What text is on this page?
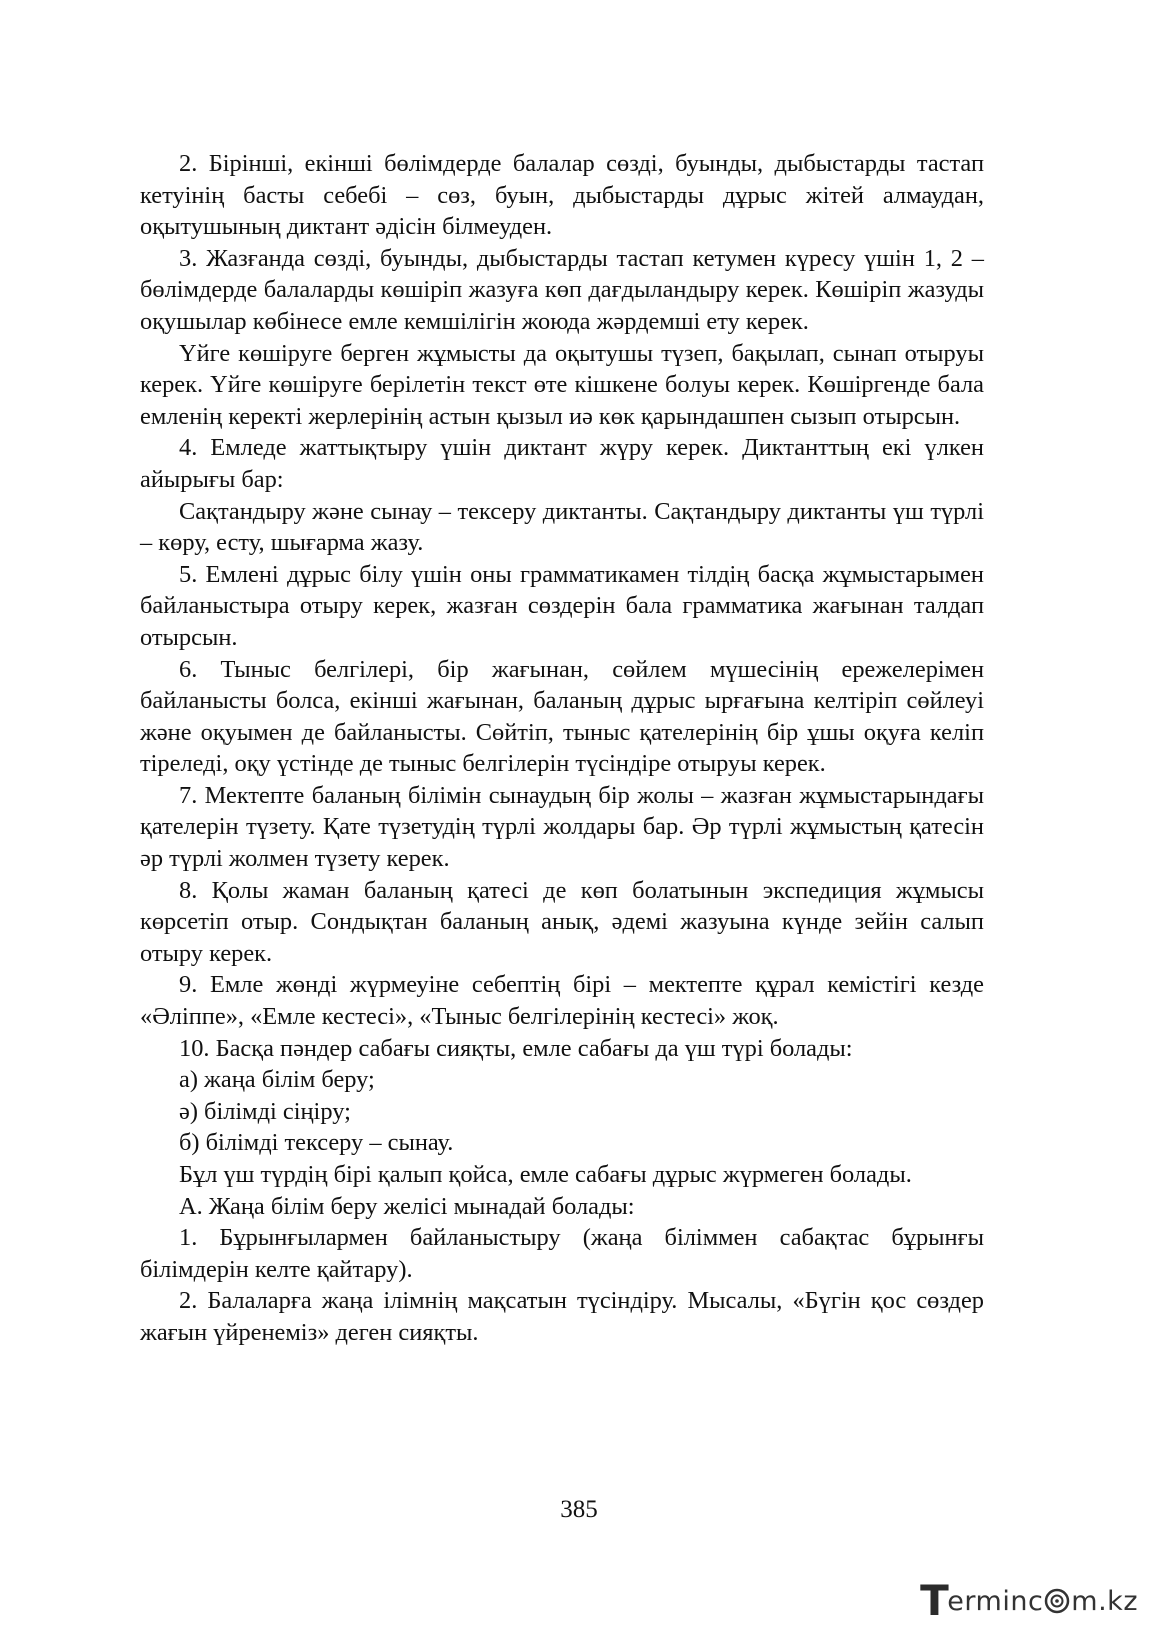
2. Бірінші, екінші бөлімдерде балалар сөзді, буынды, дыбыстарды тастап кетуінің басты себебі – сөз, буын, дыбыстарды дұрыс жітей алмаудан, оқытушының диктант әдісін білмеуден.

3. Жазғанда сөзді, буынды, дыбыстарды тастап кетумен күресу үшін 1, 2 – бөлімдерде балаларды көшіріп жазуға көп дағдыландыру керек. Көшіріп жазуды оқушылар көбінесе емле кемшілігін жоюда жәрдемші ету керек.

Үйге көшіруге берген жұмысты да оқытушы түзеп, бақылап, сынап отыруы керек. Үйге көшіруге берілетін текст өте кішкене болуы керек. Көшіргенде бала емленің керекті жерлерінің астын қызыл иә көк қарындашпен сызып отырсын.

4. Емледе жаттықтыру үшін диктант жүру керек. Диктанттың екі үлкен айырығы бар:

Сақтандыру және сынау – тексеру диктанты. Сақтандыру диктанты үш түрлі – көру, есту, шығарма жазу.

5. Емлені дұрыс білу үшін оны грамматикамен тілдің басқа жұмыстарымен байланыстыра отыру керек, жазған сөздерін бала грамматика жағынан талдап отырсын.

6. Тыныс белгілері, бір жағынан, сөйлем мүшесінің ережелерімен байланысты болса, екінші жағынан, баланың дұрыс ырғағына келтіріп сөйлеуі және оқуымен де байланысты. Сөйтіп, тыныс қателерінің бір ұшы оқуға келіп тіреледі, оқу үстінде де тыныс белгілерін түсіндіре отыруы керек.

7. Мектепте баланың білімін сынаудың бір жолы – жазған жұмыстарындағы қателерін түзету. Қате түзетудің түрлі жолдары бар. Әр түрлі жұмыстың қатесін әр түрлі жолмен түзету керек.

8. Қолы жаман баланың қатесі де көп болатынын экспедиция жұмысы көрсетіп отыр. Сондықтан баланың анық, әдемі жазуына күнде зейін салып отыру керек.

9. Емле жөнді жүрмеуіне себептің бірі – мектепте құрал кемістігі кезде «Әліппе», «Емле кестесі», «Тыныс белгілерінің кестесі» жоқ.

10. Басқа пәндер сабағы сияқты, емле сабағы да үш түрі болады:

а) жаңа білім беру;

ә) білімді сіңіру;

б) білімді тексеру – сынау.

Бұл үш түрдің бірі қалып қойса, емле сабағы дұрыс жүрмеген болады.

А. Жаңа білім беру желісі мынадай болады:

1. Бұрынғылармен байланыстыру (жаңа біліммен сабақтас бұрынғы білімдерін келте қайтару).

2. Балаларға жаңа ілімнің мақсатын түсіндіру. Мысалы, «Бүгін қос сөздер жағын үйренеміз» деген сияқты.

385
T
ermin c m.kz
